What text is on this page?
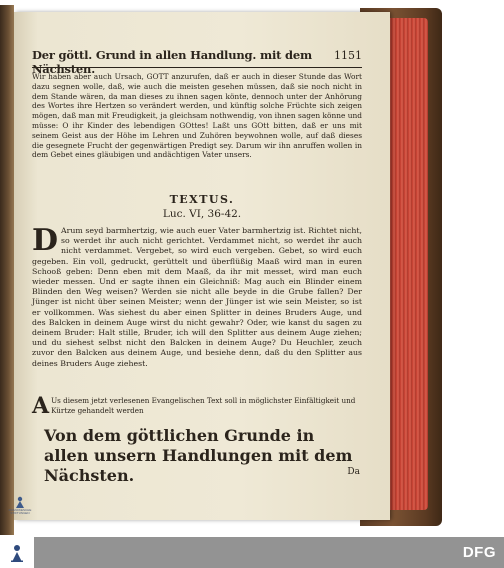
Der göttl. Grund in allen Handlung. mit dem Nächsten.
1151
Wir haben aber auch Ursach, GOTT anzurufen, daß er auch in dieser Stunde das Wort dazu segnen wolle, daß, wie auch die meisten gesehen müssen, daß sie noch nicht in dem Stande wären, da man dieses zu ihnen sagen könte, dennoch unter der Anhörung des Wortes ihre Hertzen so verändert werden, und künftig solche Früchte sich zeigen mögen, daß man mit Freudigkeit, ja gleichsam nothwendig, von ihnen sagen könne und müsse: O ihr Kinder des lebendigen GOttes! Laßt uns GOtt bitten, daß er uns mit seinem Geist aus der Höhe im Lehren und Zuhören beywohnen wolle, auf daß dieses die gesegnete Frucht der gegenwärtigen Predigt sey. Darum wir ihn anruffen wollen in dem Gebet eines gläubigen und andächtigen Vater unsers.
TEXTUS.
Luc. VI, 36-42.
D Arum seyd barmhertzig, wie auch euer Vater barmhertzig ist. Richtet nicht, so werdet ihr auch nicht gerichtet. Verdammet nicht, so werdet ihr auch nicht verdammet. Vergebet, so wird euch vergeben. Gebet, so wird euch gegeben. Ein voll, gedruckt, gerüttelt und überflüßig Maaß wird man in euren Schooß geben: Denn eben mit dem Maaß, da ihr mit messet, wird man euch wieder messen. Und er sagte ihnen ein Gleichniß: Mag auch ein Blinder einem Blinden den Weg weisen? Werden sie nicht alle beyde in die Grube fallen? Der Jünger ist nicht über seinen Meister; wenn der Jünger ist wie sein Meister, so ist er vollkommen. Was siehest du aber einen Splitter in deines Bruders Auge, und des Balcken in deinem Auge wirst du nicht gewahr? Oder, wie kanst du sagen zu deinem Bruder: Halt stille, Bruder, ich will den Splitter aus deinem Auge ziehen; und du siehest selbst nicht den Balcken in deinem Auge? Du Heuchler, zeuch zuvor den Balcken aus deinem Auge, und besiehe denn, daß du den Splitter aus deines Bruders Auge ziehest.
A Us diesem jetzt verlesenen Evangelischen Text soll in möglichster Einfältigkeit und Kürtze gehandelt werden
Von dem göttlichen Grunde in allen unsern Handlungen mit dem Nächsten.	Da
FRANCKESCHE STIFTUNGEN
DFG
